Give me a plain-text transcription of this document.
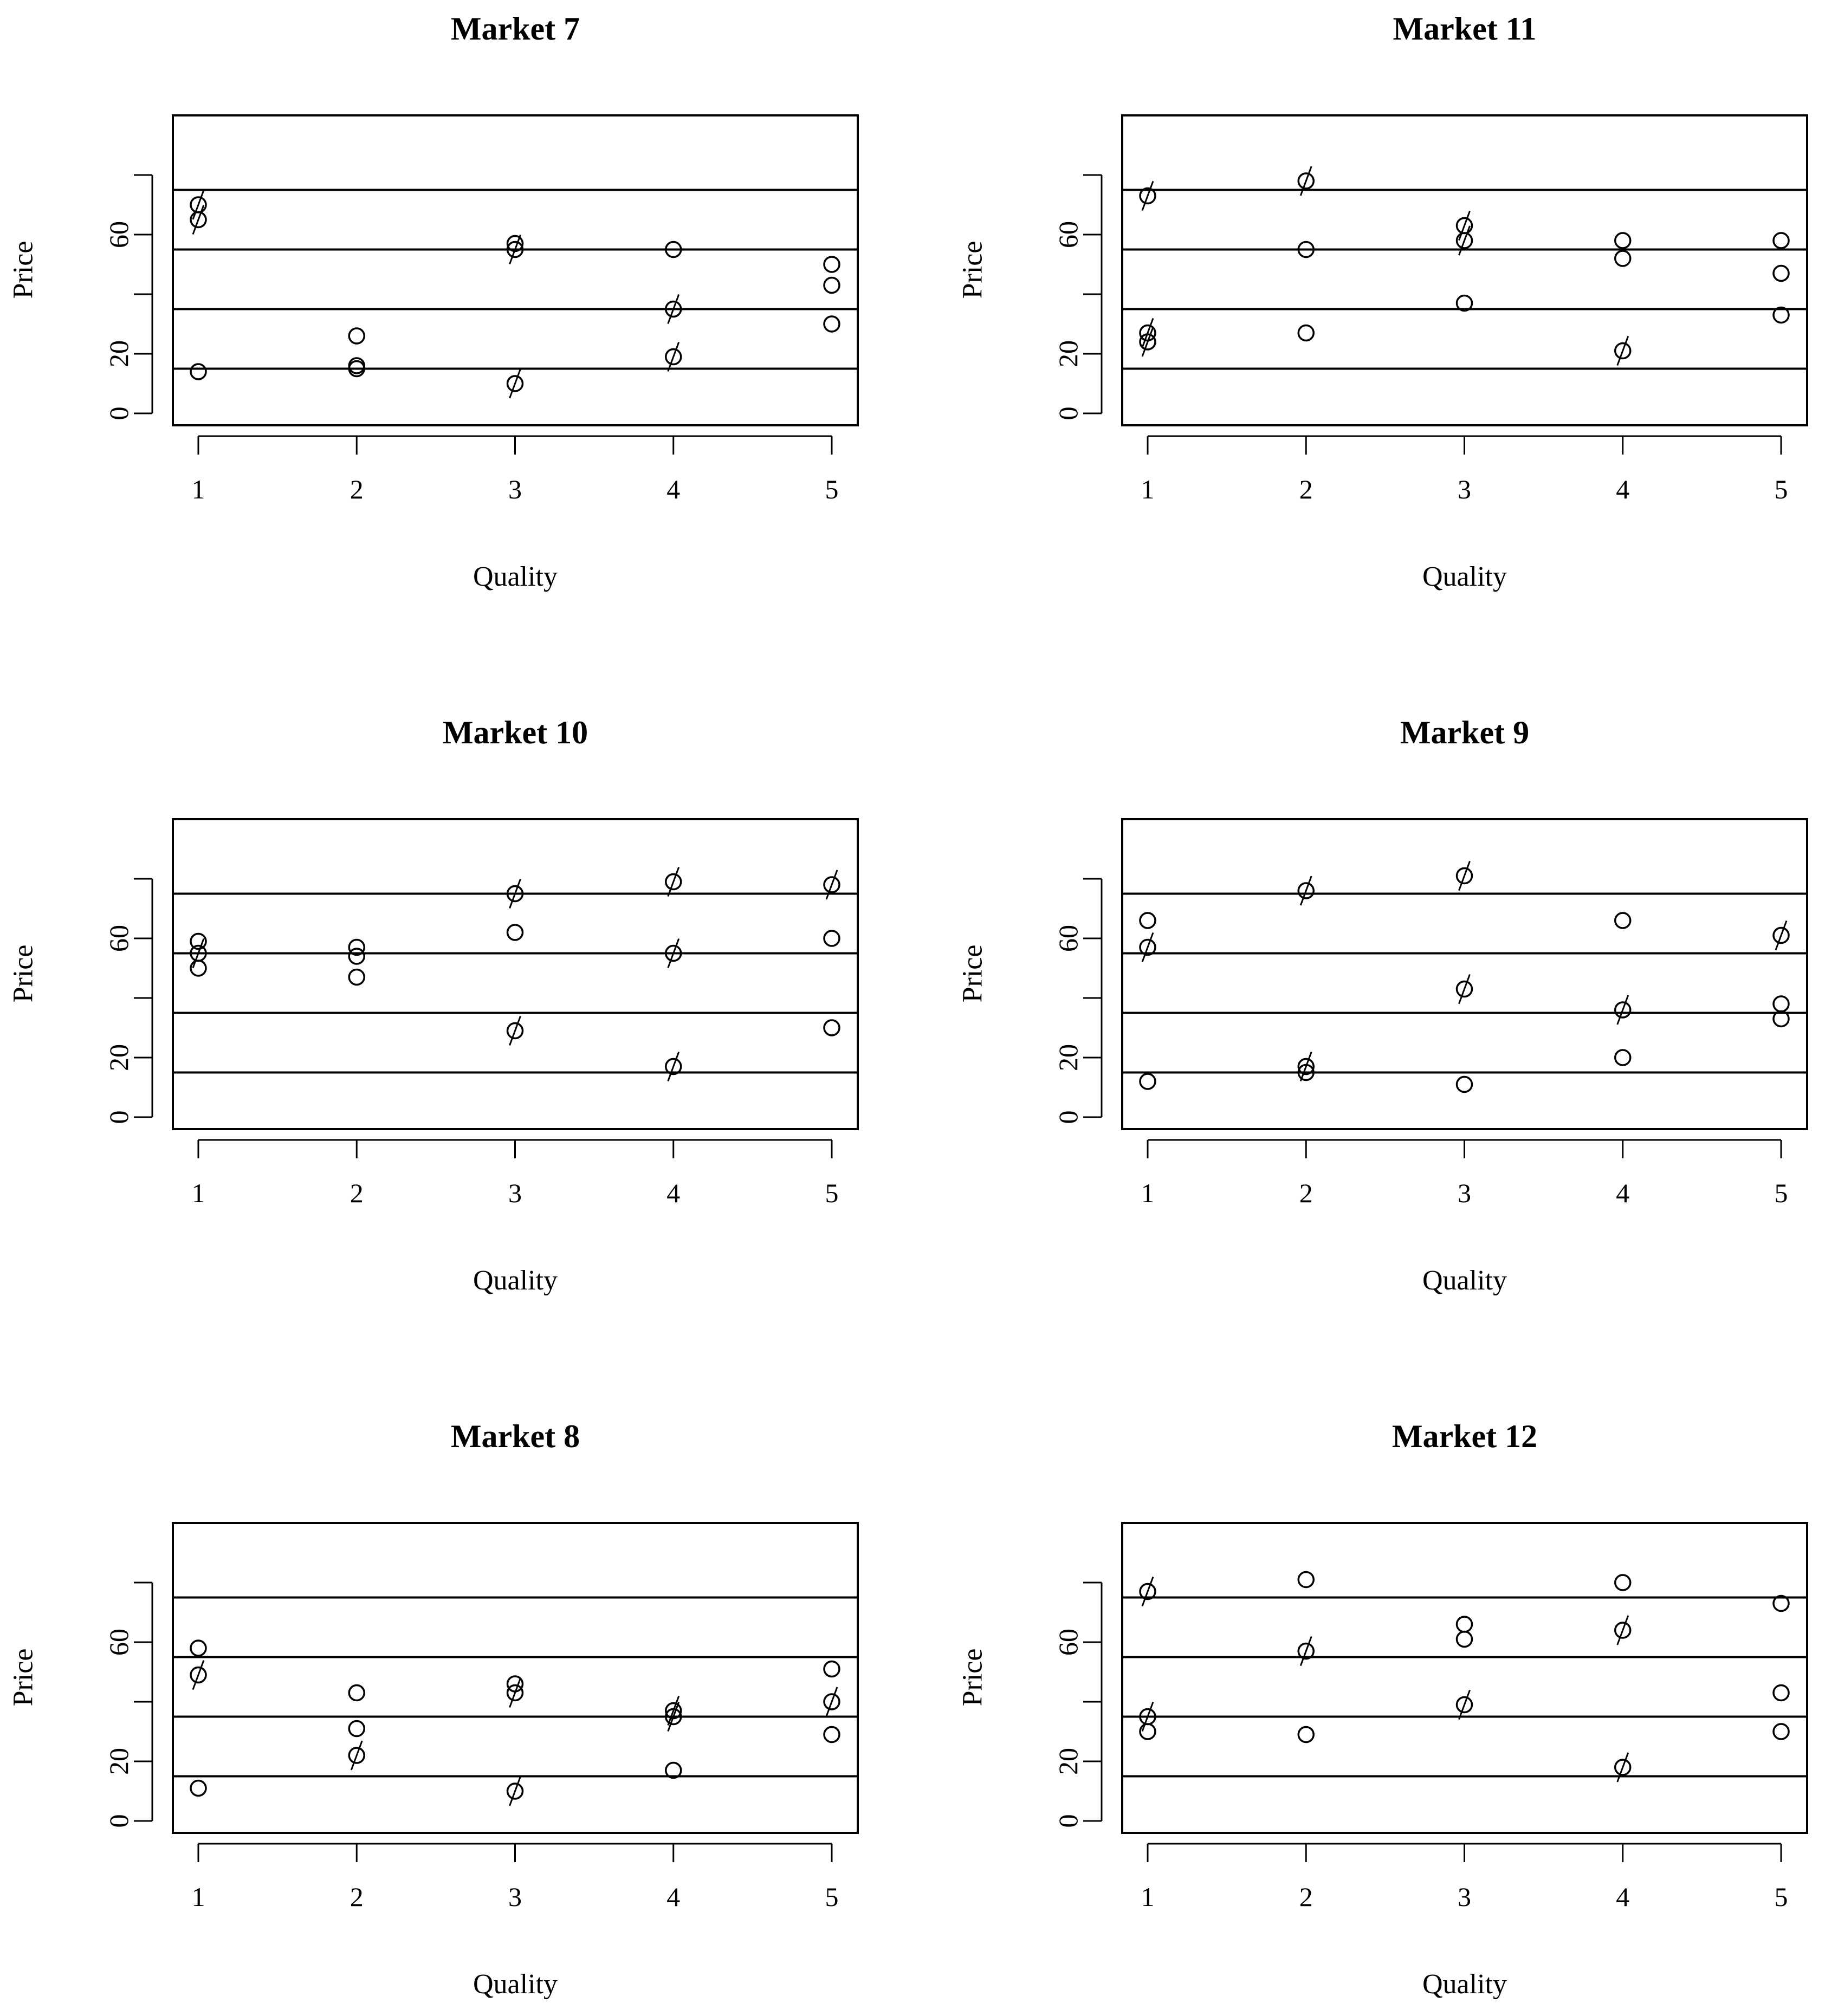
Market 7
0
20
60
Price
1	2	3	4	5
Quality
Market 10
0
20
60
Price
1	2	3	4	5
Quality
Market 8
0
20
60
Price
1	2	3	4	5
Quality
Market 11
0
20
60
Price
1	2	3	4	5
Quality
Market 9
0
20
60
Price
1	2	3	4	5
Quality
Market 12
0
20
60
Price
1	2	3	4	5
Quality
